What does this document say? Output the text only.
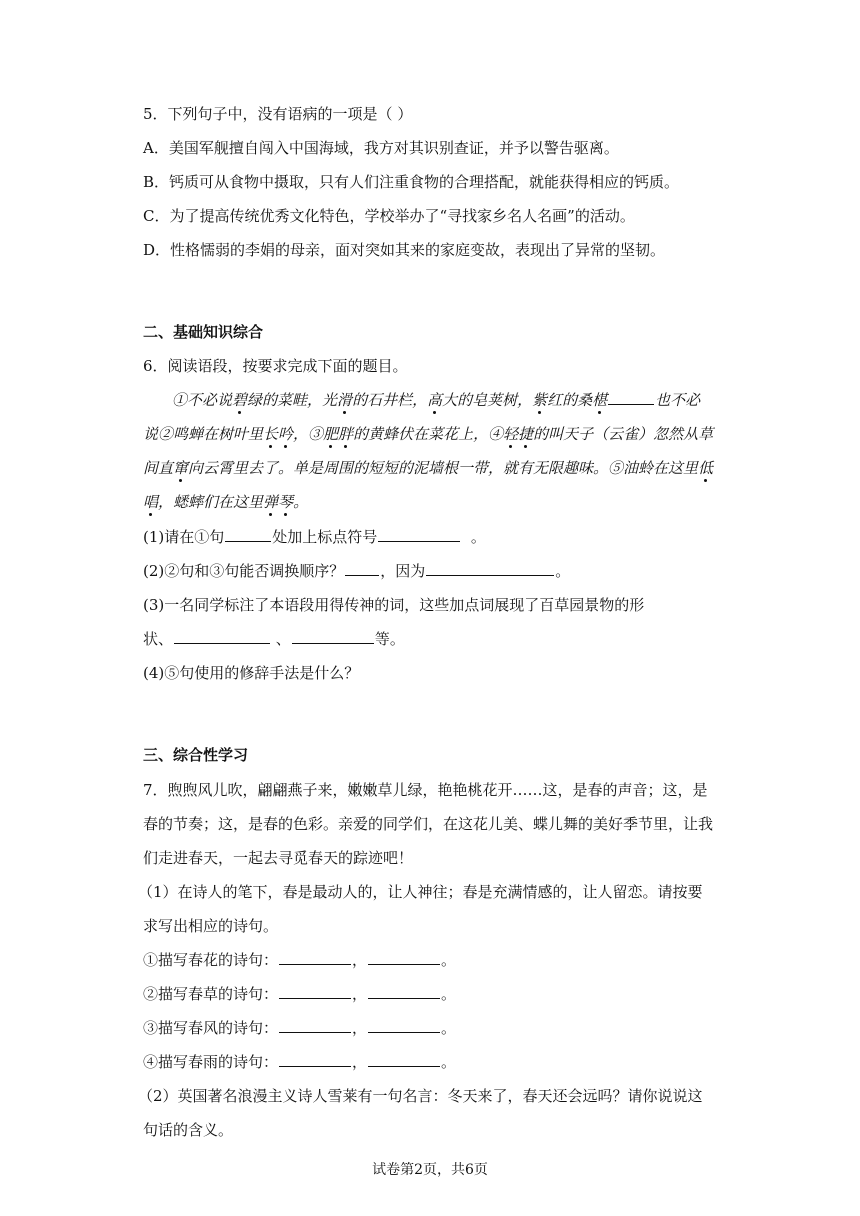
5．下列句子中，没有语病的一项是（ ）
A．美国军舰擅自闯入中国海域，我方对其识别查证，并予以警告驱离。
B．钙质可从食物中摄取，只有人们注重食物的合理搭配，就能获得相应的钙质。
C．为了提高传统优秀文化特色，学校举办了“寻找家乡名人名画”的活动。
D．性格懦弱的李娟的母亲，面对突如其来的家庭变故，表现出了异常的坚韧。
二、基础知识综合
6．阅读语段，按要求完成下面的题目。
①不必说碧绿的菜畦，光滑的石井栏，高大的皂荚树，紫红的桑椹	也不必
说②鸣蝉在树叶里长吟，③肥胖的黄蜂伏在菜花上，④轻捷的叫天子（云雀）忽然从草
间直窜向云霄里去了。单是周围的短短的泥墙根一带，就有无限趣味。⑤油蛉在这里低
唱，蟋蟀们在这里弹琴。
(1)请在①句	处加上标点符号	。
(2)②句和③句能否调换顺序？ ，因为	。
(3)一名同学标注了本语段用得传神的词，这些加点词展现了百草园景物的形
状、	、	等。
(4)⑤句使用的修辞手法是什么？
三、综合性学习
7．煦煦风儿吹，翩翩燕子来，嫩嫩草儿绿，艳艳桃花开……这，是春的声音；这，是
春的节奏；这，是春的色彩。亲爱的同学们，在这花儿美、蝶儿舞的美好季节里，让我
们走进春天，一起去寻觅春天的踪迹吧！
（1）在诗人的笔下，春是最动人的，让人神往；春是充满情感的，让人留恋。请按要
求写出相应的诗句。
①描写春花的诗句：	，	。
②描写春草的诗句：	，	。
③描写春风的诗句：	，	。
④描写春雨的诗句：	，	。
（2）英国著名浪漫主义诗人雪莱有一句名言：冬天来了，春天还会远吗？请你说说这
句话的含义。
试卷第2页，共6页
